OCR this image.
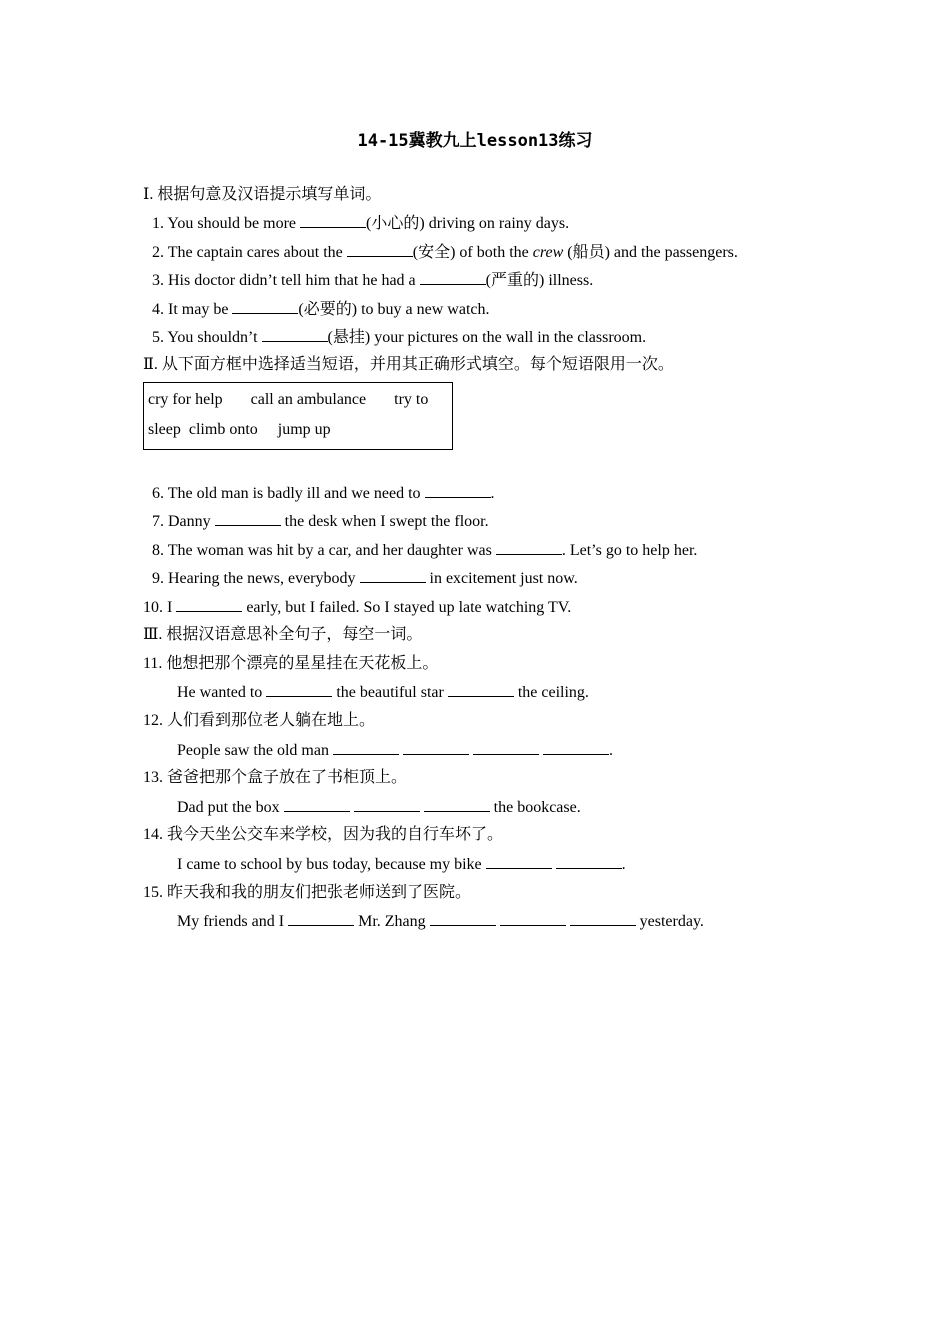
14-15冀教九上lesson13练习
Ⅰ. 根据句意及汉语提示填写单词。
1. You should be more	(小心的) driving on rainy days.
2. The captain cares about the	(安全) of both the crew (船员) and the passengers.
3. His doctor didn’t tell him that he had a	(严重的) illness.
4. It may be	(必要的) to buy a new watch.
5. You shouldn’t	(悬挂) your pictures on the wall in the classroom.
Ⅱ. 从下面方框中选择适当短语，并用其正确形式填空。每个短语限用一次。
cry for help call an ambulance try to
sleep climb onto jump up
6. The old man is badly ill and we need to	.
7. Danny	the desk when I swept the floor.
8. The woman was hit by a car, and her daughter was	. Let’s go to help her.
9. Hearing the news, everybody	in excitement just now.
10. I	early, but I failed. So I stayed up late watching TV.
Ⅲ. 根据汉语意思补全句子，每空一词。
11. 他想把那个漂亮的星星挂在天花板上。
He wanted to	the beautiful star	the ceiling.
12. 人们看到那位老人躺在地上。
People saw the old man	.
13. 爸爸把那个盒子放在了书柜顶上。
Dad put the box	the bookcase.
14. 我今天坐公交车来学校，因为我的自行车坏了。
I came to school by bus today, because my bike	.
15. 昨天我和我的朋友们把张老师送到了医院。
My friends and I	Mr. Zhang	yesterday.
